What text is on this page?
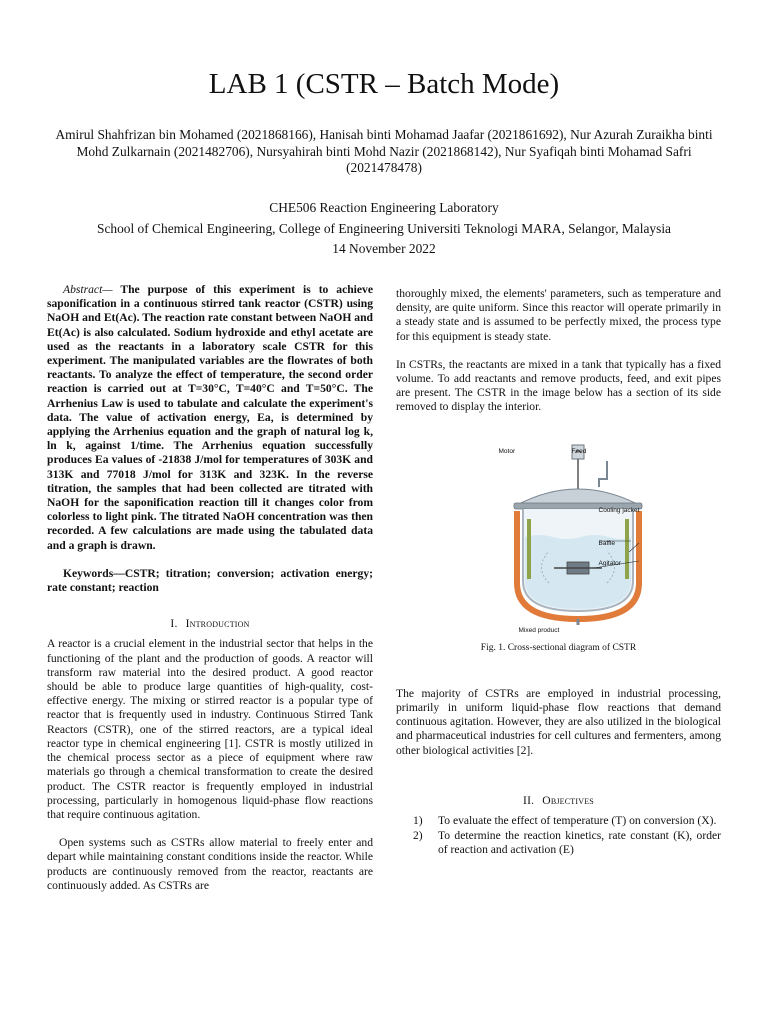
LAB 1 (CSTR – Batch Mode)
Amirul Shahfrizan bin Mohamed (2021868166), Hanisah binti Mohamad Jaafar (2021861692), Nur Azurah Zuraikha binti Mohd Zulkarnain (2021482706), Nursyahirah binti Mohd Nazir (2021868142), Nur Syafiqah binti Mohamad Safri (2021478478)
CHE506 Reaction Engineering Laboratory
School of Chemical Engineering, College of Engineering Universiti Teknologi MARA, Selangor, Malaysia
14 November 2022

Abstract— The purpose of this experiment is to achieve saponification in a continuous stirred tank reactor (CSTR) using NaOH and Et(Ac). The reaction rate constant between NaOH and Et(Ac) is also calculated. Sodium hydroxide and ethyl acetate are used as the reactants in a laboratory scale CSTR for this experiment. The manipulated variables are the flowrates of both reactants. To analyze the effect of temperature, the second order reaction is carried out at T=30°C, T=40°C and T=50°C. The Arrhenius Law is used to tabulate and calculate the experiment's data. The value of activation energy, Ea, is determined by applying the Arrhenius equation and the graph of natural log k, ln k, against 1/time. The Arrhenius equation successfully produces Ea values of -21838 J/mol for temperatures of 303K and 313K and 77018 J/mol for 313K and 323K. In the reverse titration, the samples that had been collected are titrated with NaOH for the saponification reaction till it changes color from colorless to light pink. The titrated NaOH concentration was then recorded. A few calculations are made using the tabulated data and a graph is drawn.

Keywords—CSTR; titration; conversion; activation energy; rate constant; reaction

I. Introduction

A reactor is a crucial element in the industrial sector that helps in the functioning of the plant and the production of goods. A reactor will transform raw material into the desired product. A good reactor should be able to produce large quantities of high-quality, cost-effective energy. The mixing or stirred reactor is a popular type of reactor that is frequently used in industry. Continuous Stirred Tank Reactors (CSTR), one of the stirred reactors, are a typical ideal reactor type in chemical engineering [1]. CSTR is mostly utilized in the chemical process sector as a piece of equipment where raw materials go through a chemical transformation to create the desired product. The CSTR reactor is frequently employed in industrial processing, particularly in homogenous liquid-phase flow reactions that require continuous agitation.

Open systems such as CSTRs allow material to freely enter and depart while maintaining constant conditions inside the reactor. While products are continuously removed from the reactor, reactants are continuously added. As CSTRs are

thoroughly mixed, the elements' parameters, such as temperature and density, are quite uniform. Since this reactor will operate primarily in a steady state and is assumed to be perfectly mixed, the process type for this equipment is steady state.

In CSTRs, the reactants are mixed in a tank that typically has a fixed volume. To add reactants and remove products, feed, and exit pipes are present. The CSTR in the image below has a section of its side removed to display the interior.

Motor	Feed
Cooling jacket
Baffle
Agitator
Mixed product
Fig. 1. Cross-sectional diagram of CSTR

The majority of CSTRs are employed in industrial processing, primarily in uniform liquid-phase flow reactions that demand continuous agitation. However, they are also utilized in the biological and pharmaceutical industries for cell cultures and fermenters, among other biological activities [2].

II. Objectives
1) To evaluate the effect of temperature (T) on conversion (X).
2) To determine the reaction kinetics, rate constant (K), order of reaction and activation (E)
